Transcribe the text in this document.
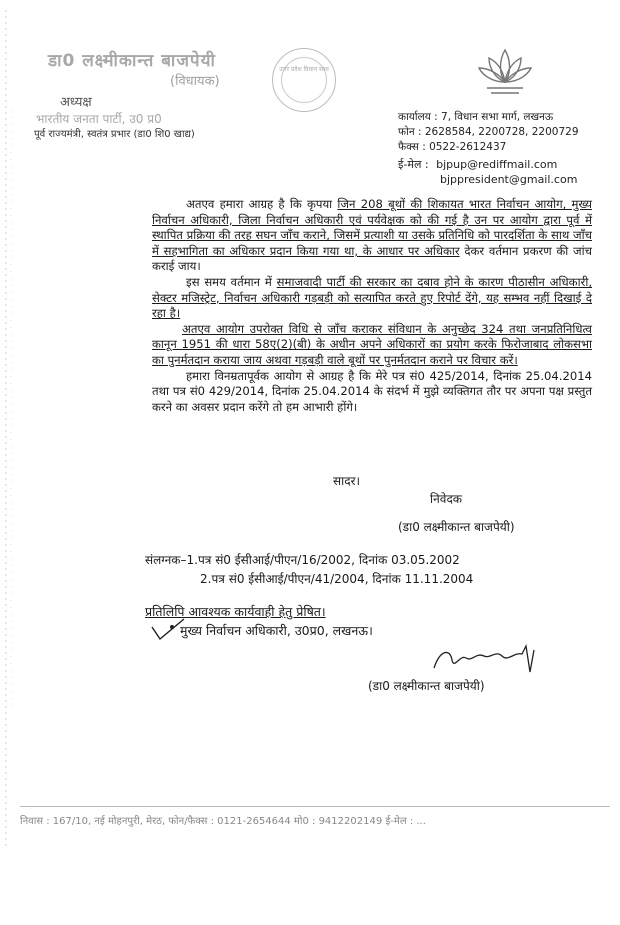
डा0 लक्ष्मीकान्त बाजपेयी
(विधायक)
अध्यक्ष
भारतीय जनता पार्टी, उ0 प्र0
पूर्व राज्यमंत्री, स्वतंत्र प्रभार (डा0 शि0 खाद्य)
उत्तर प्रदेश विधान सभा
कार्यालय : 7, विधान सभा मार्ग, लखनऊ
फोन : 2628584, 2200728, 2200729
फैक्स : 0522-2612437
ई-मेल : bjpup@rediffmail.com
bjppresident@gmail.com

अतएव हमारा आग्रह है कि कृपया जिन 208 बूथों की शिकायत भारत निर्वाचन आयोग, मुख्य निर्वाचन अधिकारी, जिला निर्वाचन अधिकारी एवं पर्यवेक्षक को की गई है उन पर आयोग द्वारा पूर्व में स्थापित प्रक्रिया की तरह सघन जाँच कराने, जिसमें प्रत्याशी या उसके प्रतिनिधि को पारदर्शिता के साथ जाँच में सहभागिता का अधिकार प्रदान किया गया था, के आधार पर अधिकार देकर वर्तमान प्रकरण की जांच कराई जाय।

इस समय वर्तमान में समाजवादी पार्टी की सरकार का दबाव होने के कारण पीठासीन अधिकारी, सेक्टर मजिस्ट्रेट, निर्वाचन अधिकारी गड़बड़ी को सत्यापित करते हुए रिपोर्ट देंगे, यह सम्भव नहीं दिखाई दे रहा है।

अतएव आयोग उपरोक्त विधि से जाँच कराकर संविधान के अनुच्छेद 324 तथा जनप्रतिनिधित्व कानून 1951 की धारा 58ए(2)(बी) के अधीन अपने अधिकारों का प्रयोग करके फिरोजाबाद लोकसभा का पुनर्मतदान कराया जाय अथवा गड़बड़ी वाले बूथों पर पुनर्मतदान कराने पर विचार करें।

हमारा विनम्रतापूर्वक आयोग से आग्रह है कि मेरे पत्र सं0 425/2014, दिनांक 25.04.2014 तथा पत्र सं0 429/2014, दिनांक 25.04.2014 के संदर्भ में मुझे व्यक्तिगत तौर पर अपना पक्ष प्रस्तुत करने का अवसर प्रदान करेंगे तो हम आभारी होंगे।

सादर।
निवेदक
(डा0 लक्ष्मीकान्त बाजपेयी)
संलग्नक–1.पत्र सं0 ईसीआई/पीएन/16/2002, दिनांक 03.05.2002
2.पत्र सं0 ईसीआई/पीएन/41/2004, दिनांक 11.11.2004
प्रतिलिपि आवश्यक कार्यवाही हेतु प्रेषित।
मुख्य निर्वाचन अधिकारी, उ0प्र0, लखनऊ।
(डा0 लक्ष्मीकान्त बाजपेयी)
निवास : 167/10, नई मोहनपुरी, मेरठ, फोन/फैक्स : 0121-2654644 मो0 : 9412202149 ई-मेल : ...
